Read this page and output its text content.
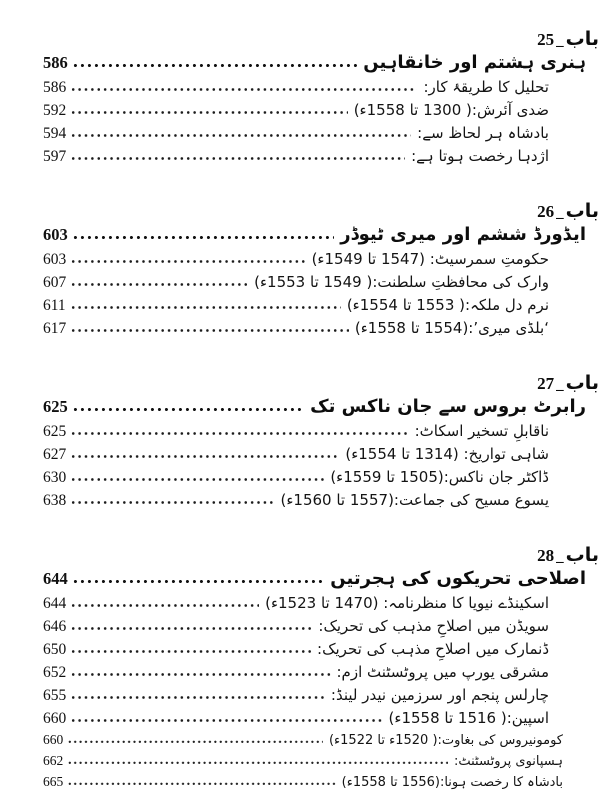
باب_25
ہنری ہشتم اور خانقاہیں
586
تحلیل کا طریقۂ کار:
586
ضدی آئرش:( 1300 تا 1558ء)
592
بادشاہ ہر لحاظ سے:
594
اژدہا رخصت ہوتا ہے:
597
باب_26
ایڈورڈ ششم اور میری ٹیوڈر
603
حکومتِ سمرسیٹ: (1547 تا 1549ء)
603
وارک کی محافظتِ سلطنت:( 1549 تا 1553ء)
607
نرم دل ملکہ:( 1553 تا 1554ء)
611
‘بلڈی میری’:(1554 تا 1558ء)
617
باب_27
رابرٹ بروس سے جان ناکس تک
625
ناقابلِ تسخیر اسکاٹ:
625
شاہی تواریخ: (1314 تا 1554ء)
627
ڈاکٹر جان ناکس:(1505 تا 1559ء)
630
یسوع مسیح کی جماعت:(1557 تا 1560ء)
638
باب_28
اصلاحی تحریکوں کی ہجرتیں
644
اسکینڈے نیویا کا منظرنامہ: (1470 تا 1523ء)
644
سویڈن میں اصلاحِ مذہب کی تحریک:
646
ڈنمارک میں اصلاحِ مذہب کی تحریک:
650
مشرقی یورپ میں پروٹسٹنٹ ازم:
652
چارلس پنجم اور سرزمین نیدر لینڈ:
655
اسپین:( 1516 تا 1558ء)
660
کومونیروس کی بغاوت:( 1520ء تا 1522ء)
660
ہسپانوی پروٹسٹنٹ:
662
بادشاہ کا رخصت ہونا:(1556 تا 1558ء)
665
